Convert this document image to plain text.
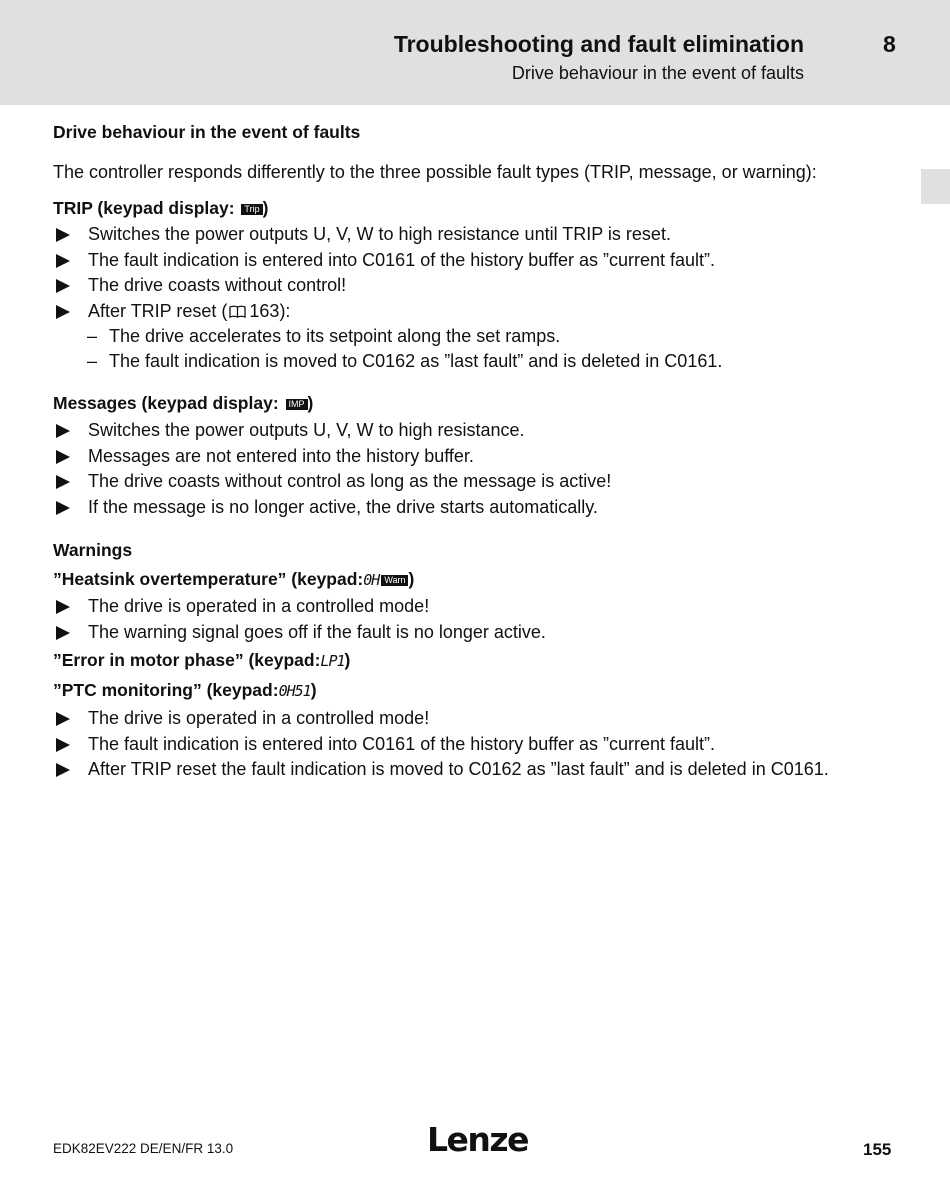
Troubleshooting and fault elimination	8
Drive behaviour in the event of faults
Drive behaviour in the event of faults
The controller responds differently to the three possible fault types (TRIP, message, or warning):
TRIP (keypad display: Trip )
Switches the power outputs U, V, W to high resistance until TRIP is reset.
The fault indication is entered into C0161 of the history buffer as ”current fault”.
The drive coasts without control!
After TRIP reset ( 163):
– The drive accelerates to its setpoint along the set ramps.
– The fault indication is moved to C0162 as ”last fault” and is deleted in C0161.
Messages (keypad display: IMP )
Switches the power outputs U, V, W to high resistance.
Messages are not entered into the history buffer.
The drive coasts without control as long as the message is active!
If the message is no longer active, the drive starts automatically.
Warnings
”Heatsink overtemperature” (keypad:0H Warn )
The drive is operated in a controlled mode!
The warning signal goes off if the fault is no longer active.
”Error in motor phase” (keypad:LP1)
”PTC monitoring” (keypad:0H51)
The drive is operated in a controlled mode!
The fault indication is entered into C0161 of the history buffer as ”current fault”.
After TRIP reset the fault indication is moved to C0162 as ”last fault” and is deleted in C0161.
EDK82EV222 DE/EN/FR 13.0	Lenze	155
